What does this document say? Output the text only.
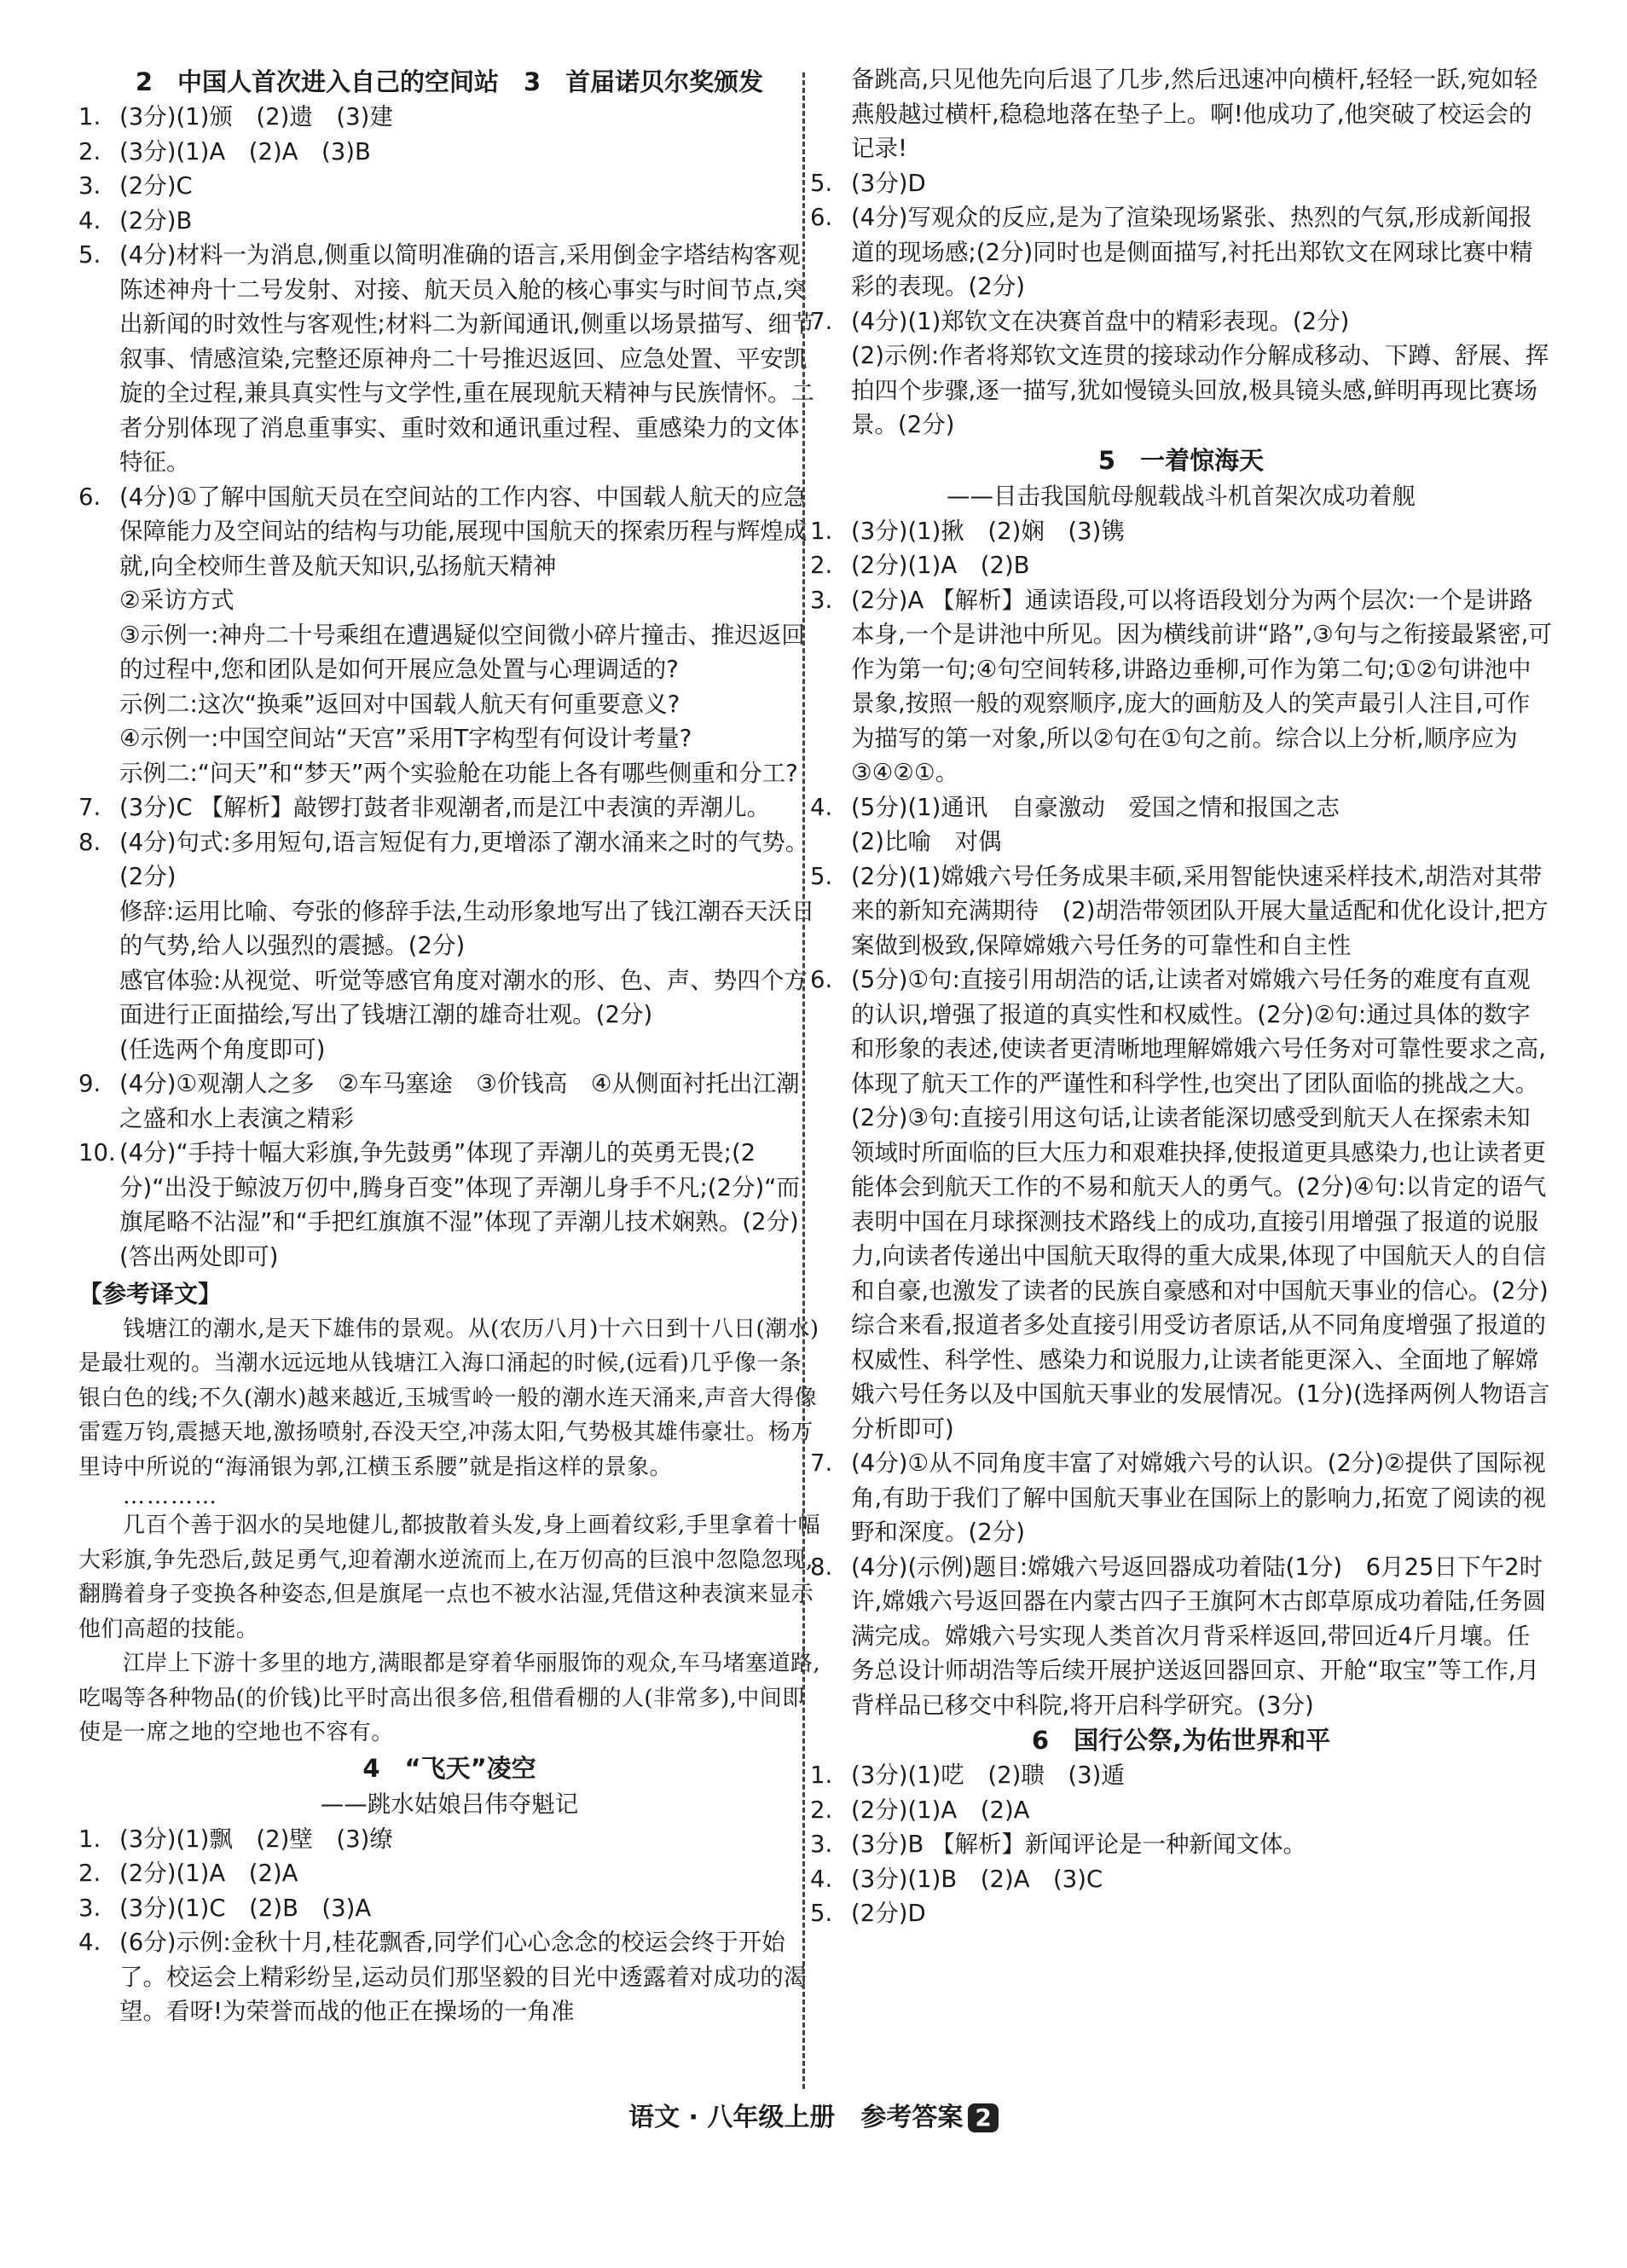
2　中国人首次进入自己的空间站　3　首届诺贝尔奖颁发
1. (3分)(1)颁　(2)遗　(3)建
2. (3分)(1)A　(2)A　(3)B
3. (2分)C
4. (2分)B
5. (4分)材料一为消息,侧重以简明准确的语言,采用倒金字塔结构客观陈述神舟十二号发射、对接、航天员入舱的核心事实与时间节点,突出新闻的时效性与客观性;材料二为新闻通讯,侧重以场景描写、细节叙事、情感渲染,完整还原神舟二十号推迟返回、应急处置、平安凯旋的全过程,兼具真实性与文学性,重在展现航天精神与民族情怀。二者分别体现了消息重事实、重时效和通讯重过程、重感染力的文体特征。
6. (4分)①了解中国航天员在空间站的工作内容、中国载人航天的应急保障能力及空间站的结构与功能,展现中国航天的探索历程与辉煌成就,向全校师生普及航天知识,弘扬航天精神
②采访方式
③示例一:神舟二十号乘组在遭遇疑似空间微小碎片撞击、推迟返回的过程中,您和团队是如何开展应急处置与心理调适的?
示例二:这次“换乘”返回对中国载人航天有何重要意义?
④示例一:中国空间站“天宫”采用T字构型有何设计考量?
示例二:“问天”和“梦天”两个实验舱在功能上各有哪些侧重和分工?
7. (3分)C 【解析】敲锣打鼓者非观潮者,而是江中表演的弄潮儿。
8. (4分)句式:多用短句,语言短促有力,更增添了潮水涌来之时的气势。(2分)
修辞:运用比喻、夸张的修辞手法,生动形象地写出了钱江潮吞天沃日的气势,给人以强烈的震撼。(2分)
感官体验:从视觉、听觉等感官角度对潮水的形、色、声、势四个方面进行正面描绘,写出了钱塘江潮的雄奇壮观。(2分)
(任选两个角度即可)
9. (4分)①观潮人之多　②车马塞途　③价钱高　④从侧面衬托出江潮之盛和水上表演之精彩
10. (4分)“手持十幅大彩旗,争先鼓勇”体现了弄潮儿的英勇无畏;(2分)“出没于鲸波万仞中,腾身百变”体现了弄潮儿身手不凡;(2分)“而旗尾略不沾湿”和“手把红旗旗不湿”体现了弄潮儿技术娴熟。(2分)(答出两处即可)
【参考译文】
钱塘江的潮水,是天下雄伟的景观。从(农历八月)十六日到十八日(潮水)是最壮观的。当潮水远远地从钱塘江入海口涌起的时候,(远看)几乎像一条银白色的线;不久(潮水)越来越近,玉城雪岭一般的潮水连天涌来,声音大得像雷霆万钧,震撼天地,激扬喷射,吞没天空,冲荡太阳,气势极其雄伟豪壮。杨万里诗中所说的“海涌银为郭,江横玉系腰”就是指这样的景象。
…………
几百个善于泅水的吴地健儿,都披散着头发,身上画着纹彩,手里拿着十幅大彩旗,争先恐后,鼓足勇气,迎着潮水逆流而上,在万仞高的巨浪中忽隐忽现,翻腾着身子变换各种姿态,但是旗尾一点也不被水沾湿,凭借这种表演来显示他们高超的技能。
江岸上下游十多里的地方,满眼都是穿着华丽服饰的观众,车马堵塞道路,吃喝等各种物品(的价钱)比平时高出很多倍,租借看棚的人(非常多),中间即使是一席之地的空地也不容有。
4　“飞天”凌空
——跳水姑娘吕伟夺魁记
1. (3分)(1)飘　(2)壁　(3)缭
2. (2分)(1)A　(2)A
3. (3分)(1)C　(2)B　(3)A
4. (6分)示例:金秋十月,桂花飘香,同学们心心念念的校运会终于开始了。校运会上精彩纷呈,运动员们那坚毅的目光中透露着对成功的渴望。看呀!为荣誉而战的他正在操场的一角准
备跳高,只见他先向后退了几步,然后迅速冲向横杆,轻轻一跃,宛如轻燕般越过横杆,稳稳地落在垫子上。啊!他成功了,他突破了校运会的记录!
5. (3分)D
6. (4分)写观众的反应,是为了渲染现场紧张、热烈的气氛,形成新闻报道的现场感;(2分)同时也是侧面描写,衬托出郑钦文在网球比赛中精彩的表现。(2分)
7. (4分)(1)郑钦文在决赛首盘中的精彩表现。(2分)
(2)示例:作者将郑钦文连贯的接球动作分解成移动、下蹲、舒展、挥拍四个步骤,逐一描写,犹如慢镜头回放,极具镜头感,鲜明再现比赛场景。(2分)
5　一着惊海天
——目击我国航母舰载战斗机首架次成功着舰
1. (3分)(1)揪　(2)娴　(3)镌
2. (2分)(1)A　(2)B
3. (2分)A 【解析】通读语段,可以将语段划分为两个层次:一个是讲路本身,一个是讲池中所见。因为横线前讲“路”,③句与之衔接最紧密,可作为第一句;④句空间转移,讲路边垂柳,可作为第二句;①②句讲池中景象,按照一般的观察顺序,庞大的画舫及人的笑声最引人注目,可作为描写的第一对象,所以②句在①句之前。综合以上分析,顺序应为③④②①。
4. (5分)(1)通讯　自豪激动　爱国之情和报国之志
(2)比喻　对偶
5. (2分)(1)嫦娥六号任务成果丰硕,采用智能快速采样技术,胡浩对其带来的新知充满期待　(2)胡浩带领团队开展大量适配和优化设计,把方案做到极致,保障嫦娥六号任务的可靠性和自主性
6. (5分)①句:直接引用胡浩的话,让读者对嫦娥六号任务的难度有直观的认识,增强了报道的真实性和权威性。(2分)②句:通过具体的数字和形象的表述,使读者更清晰地理解嫦娥六号任务对可靠性要求之高,体现了航天工作的严谨性和科学性,也突出了团队面临的挑战之大。(2分)③句:直接引用这句话,让读者能深切感受到航天人在探索未知领域时所面临的巨大压力和艰难抉择,使报道更具感染力,也让读者更能体会到航天工作的不易和航天人的勇气。(2分)④句:以肯定的语气表明中国在月球探测技术路线上的成功,直接引用增强了报道的说服力,向读者传递出中国航天取得的重大成果,体现了中国航天人的自信和自豪,也激发了读者的民族自豪感和对中国航天事业的信心。(2分)综合来看,报道者多处直接引用受访者原话,从不同角度增强了报道的权威性、科学性、感染力和说服力,让读者能更深入、全面地了解嫦娥六号任务以及中国航天事业的发展情况。(1分)(选择两例人物语言分析即可)
7. (4分)①从不同角度丰富了对嫦娥六号的认识。(2分)②提供了国际视角,有助于我们了解中国航天事业在国际上的影响力,拓宽了阅读的视野和深度。(2分)
8. (4分)(示例)题目:嫦娥六号返回器成功着陆(1分)　6月25日下午2时许,嫦娥六号返回器在内蒙古四子王旗阿木古郎草原成功着陆,任务圆满完成。嫦娥六号实现人类首次月背采样返回,带回近4斤月壤。任务总设计师胡浩等后续开展护送返回器回京、开舱“取宝”等工作,月背样品已移交中科院,将开启科学研究。(3分)
6　国行公祭,为佑世界和平
1. (3分)(1)呓　(2)聩　(3)遁
2. (2分)(1)A　(2)A
3. (3分)B 【解析】新闻评论是一种新闻文体。
4. (3分)(1)B　(2)A　(3)C
5. (2分)D
语文 · 八年级上册　参考答案 2
